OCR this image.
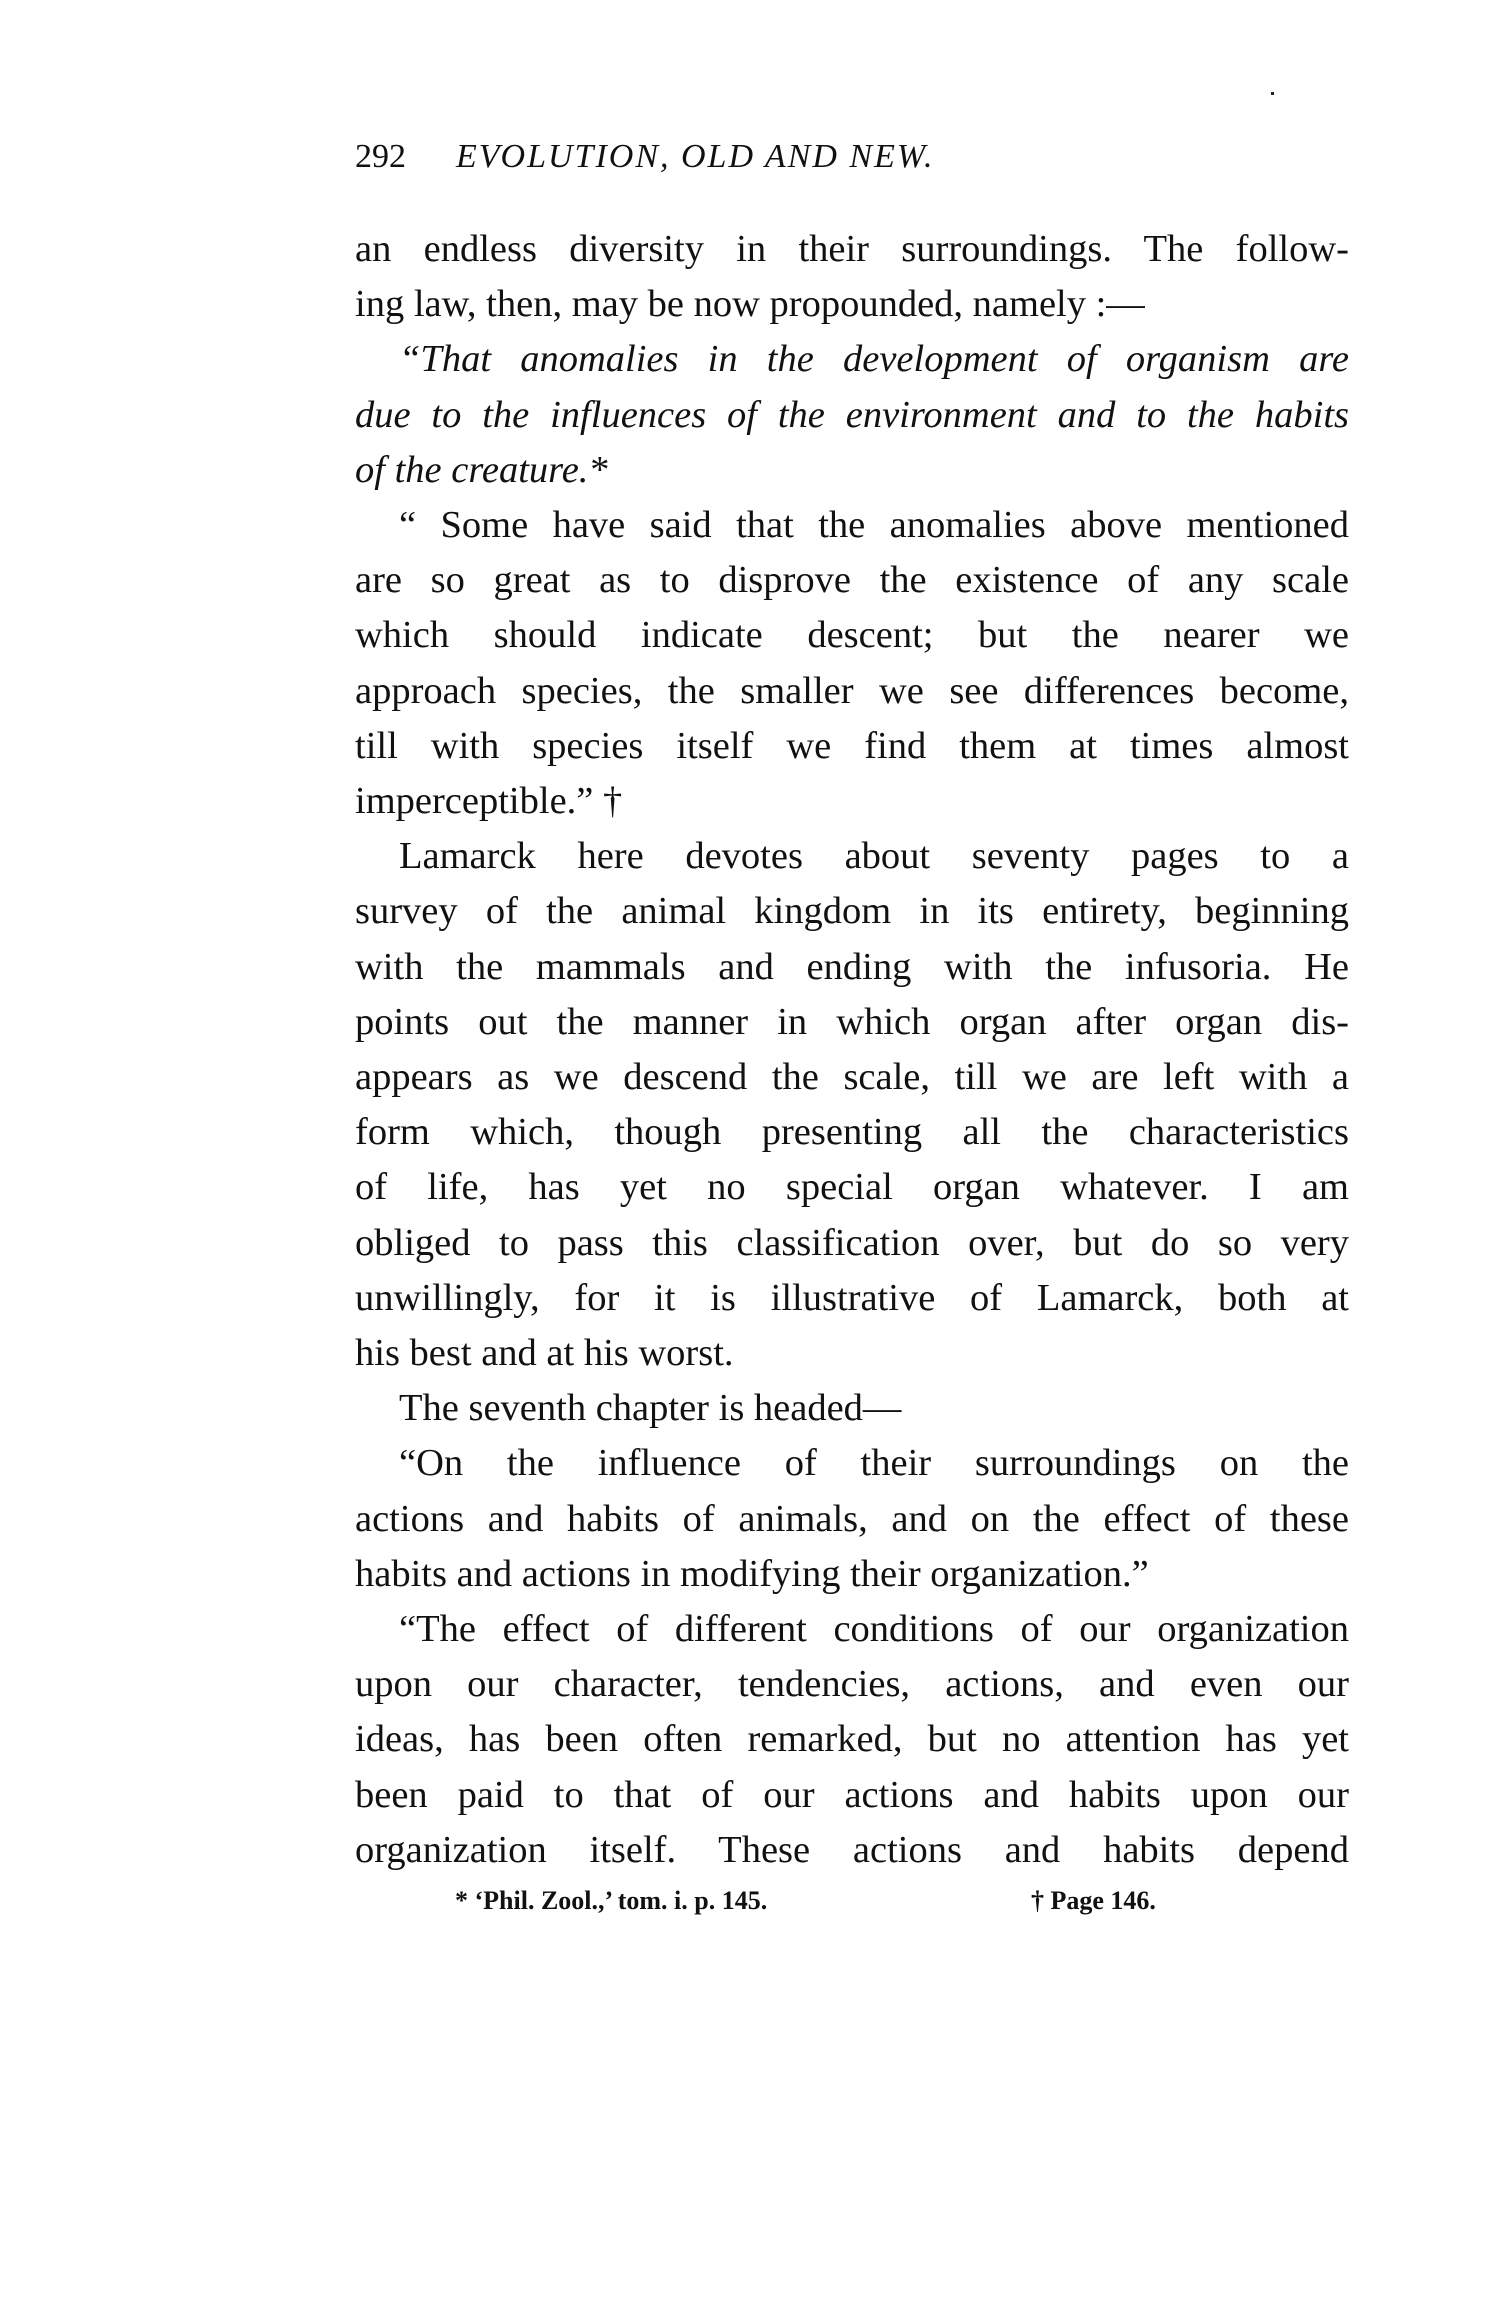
292 EVOLUTION, OLD AND NEW.
an endless diversity in their surroundings. The follow-
ing law, then, may be now propounded, namely :—
“That anomalies in the development of organism are
due to the influences of the environment and to the habits
of the creature.*
“ Some have said that the anomalies above mentioned
are so great as to disprove the existence of any scale
which should indicate descent; but the nearer we
approach species, the smaller we see differences become,
till with species itself we find them at times almost
imperceptible.” †
Lamarck here devotes about seventy pages to a
survey of the animal kingdom in its entirety, beginning
with the mammals and ending with the infusoria. He
points out the manner in which organ after organ dis-
appears as we descend the scale, till we are left with a
form which, though presenting all the characteristics
of life, has yet no special organ whatever. I am
obliged to pass this classification over, but do so very
unwillingly, for it is illustrative of Lamarck, both at
his best and at his worst.
The seventh chapter is headed—
“On the influence of their surroundings on the
actions and habits of animals, and on the effect of these
habits and actions in modifying their organization.”
“The effect of different conditions of our organization
upon our character, tendencies, actions, and even our
ideas, has been often remarked, but no attention has yet
been paid to that of our actions and habits upon our
organization itself. These actions and habits depend
* ‘Phil. Zool.,’ tom. i. p. 145.	† Page 146.
